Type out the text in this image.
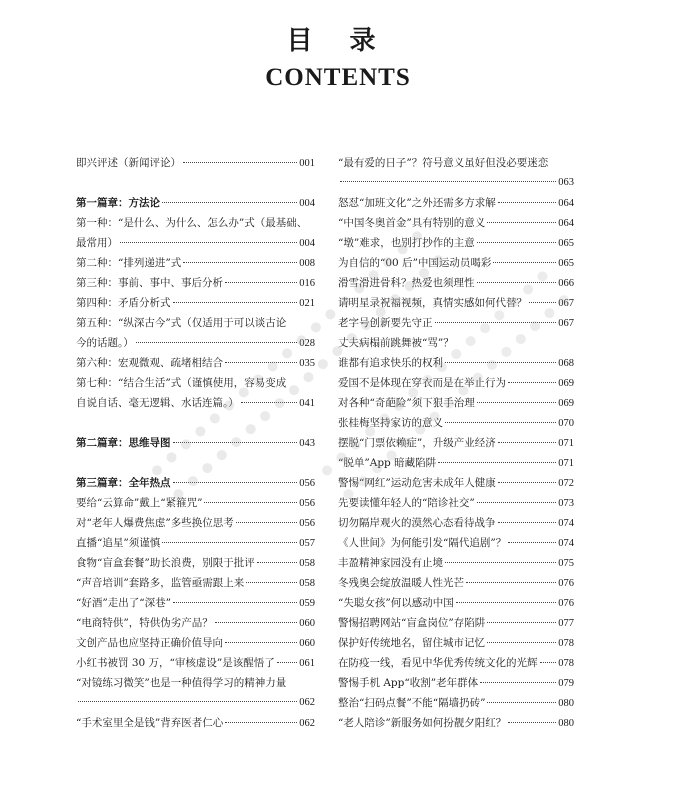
目 录
CONTENTS
即兴评述（新闻评论）	001
第一篇章：方法论	004
第一种：“是什么、为什么、怎么办”式（最基础、
最常用）	004
第二种：“排列递进”式	008
第三种：事前、事中、事后分析	016
第四种：矛盾分析式	021
第五种：“纵深古今”式（仅适用于可以谈古论
今的话题。）	028
第六种：宏观微观、疏堵相结合	035
第七种：“结合生活”式（谨慎使用，容易变成
自说自话、毫无逻辑、水话连篇。）	041
第二篇章：思维导图	043
第三篇章：全年热点	056
要给“云算命”戴上“紧箍咒”	056
对“老年人爆费焦虑”多些换位思考	056
直播“追星”须谨慎	057
食物“盲盒套餐”助长浪费，别限于批评	058
“声音培训”套路多，监管亟需跟上来	058
“好酒”走出了“深巷”	059
“电商特供”，特供伪劣产品？	060
文创产品也应坚持正确价值导向	060
小红书被罚 30 万，“审核虚设”是该醒悟了 061
“对镜练习微笑”也是一种值得学习的精神力量
062
“手术室里全是钱”背弃医者仁心	062
“最有爱的日子”？符号意义虽好但没必要迷恋
063
怒怼“加班文化”之外还需多方求解	064
“中国冬奥首金”具有特别的意义	064
“墩”难求，也别打抄作的主意	065
为自信的“00 后”中国运动员喝彩	065
滑雪滑进骨科？热爱也须理性	066
请明星录祝福视频，真情实感如何代替？	067
老字号创新要先守正	067
丈夫病榻前跳舞被“骂”？
谁都有追求快乐的权利	068
爱国不是体现在穿衣而是在举止行为	069
对各种“奇葩险”须下狠手治理	069
张桂梅坚持家访的意义	070
摆脱“门票依赖症”，升级产业经济	071
“脱单”App 暗藏陷阱	071
警惕“网红”运动危害未成年人健康	072
先要读懂年轻人的“陪诊社交”	073
切勿隔岸观火的漠然心态看待战争	074
《人世间》为何能引发“隔代追剧”？	074
丰盈精神家园没有止境	075
冬残奥会绽放温暖人性光芒	076
“失聪女孩”何以感动中国	076
警惕招聘网站“盲盒岗位”存陷阱	077
保护好传统地名，留住城市记忆	078
在防疫一线，看见中华优秀传统文化的光辉 078
警惕手机 App“收割”老年群体	079
整治“扫码点餐”不能“隔墙扔砖”	080
“老人陪诊”新服务如何扮靓夕阳红？	080
